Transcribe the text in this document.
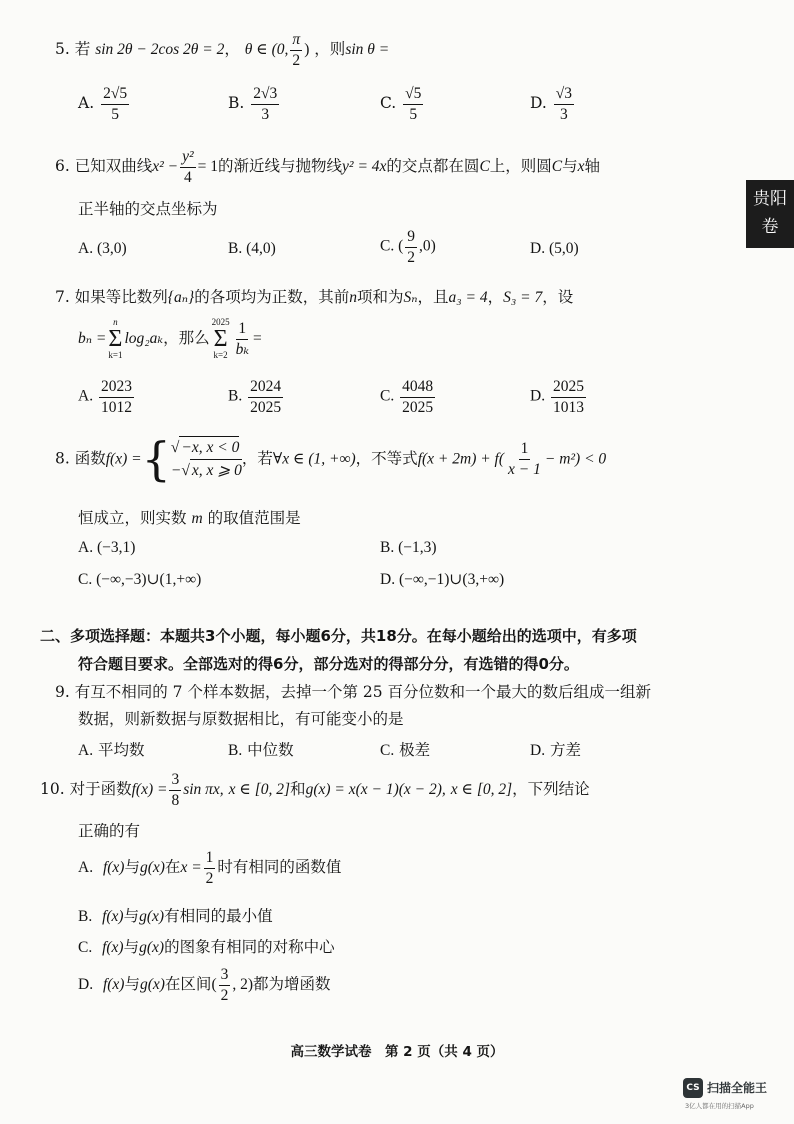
贵阳
卷
5. 若 sin 2θ − 2cos 2θ = 2， θ ∈ (0, $\frac{\pi}{2}$ ) ，则sin θ =
A. $\frac{2√5}{5}$	B. $\frac{2√3}{3}$	C. $\frac{√5}{5}$	D. $\frac{√3}{3}$
6. 已知双曲线$x^2 - \frac{\text{y²}}{4} = 1$的渐近线与抛物线y² = 4x的交点都在圆C上，则圆C与x轴
正半轴的交点坐标为
A. (3,0)	B. (4,0)	C. ( $\frac{9}{2} ,0$)	D. (5,0)
7. 如果等比数列{aₙ}的各项均为正数，其前n项和为Sₙ，且a₃ = 4，S₃ = 7，设
bₙ =
n
Σ
k=1
log₂aₖ，那么
2025
Σ
$k=2 \frac{1}{\text{bₖ}}$ =
A. $\frac{2023}{1012}$	B. $\frac{2024}{2025}$	C. $\frac{4048}{2025}$	D. $\frac{2025}{1013}$
8. 函数f(x) ={ √ −x, x < 0
−√ x, x ⩾ 0
，若∀x ∈ (1, +∞)，不等式$f(x + 2m) + f( \frac{1}{x - 1} - m^2) < 0$
恒成立，则实数 m 的取值范围是
A. (−3,1)	B. (−1,3)
C. (−∞,−3)∪(1,+∞)	D. (−∞,−1)∪(3,+∞)
二、多项选择题：本题共3个小题，每小题6分，共18分。在每小题给出的选项中，有多项
符合题目要求。全部选对的得6分，部分选对的得部分分，有选错的得0分。
9. 有互不相同的 7 个样本数据，去掉一个第 25 百分位数和一个最大的数后组成一组新
数据，则新数据与原数据相比，有可能变小的是
A. 平均数	B. 中位数	C. 极差	D. 方差
10. 对于函数$f(x) = \frac{3}{8}$ sin πx, x ∈ [0, 2]和g(x) = x(x − 1)(x − 2), x ∈ [0, 2]，下列结论
正确的有
A. f(x)与g(x)在$x = \frac{1}{2}$ 时有相同的函数值
B. f(x)与g(x)有相同的最小值
C. f(x)与g(x)的图象有相同的对称中心
D. f(x)与g(x)在区间( $\frac{3}{2}$ , 2)都为增函数
高三数学试卷　第 2 页（共 4 页）
CS 扫描全能王
3亿人都在用的扫描App
